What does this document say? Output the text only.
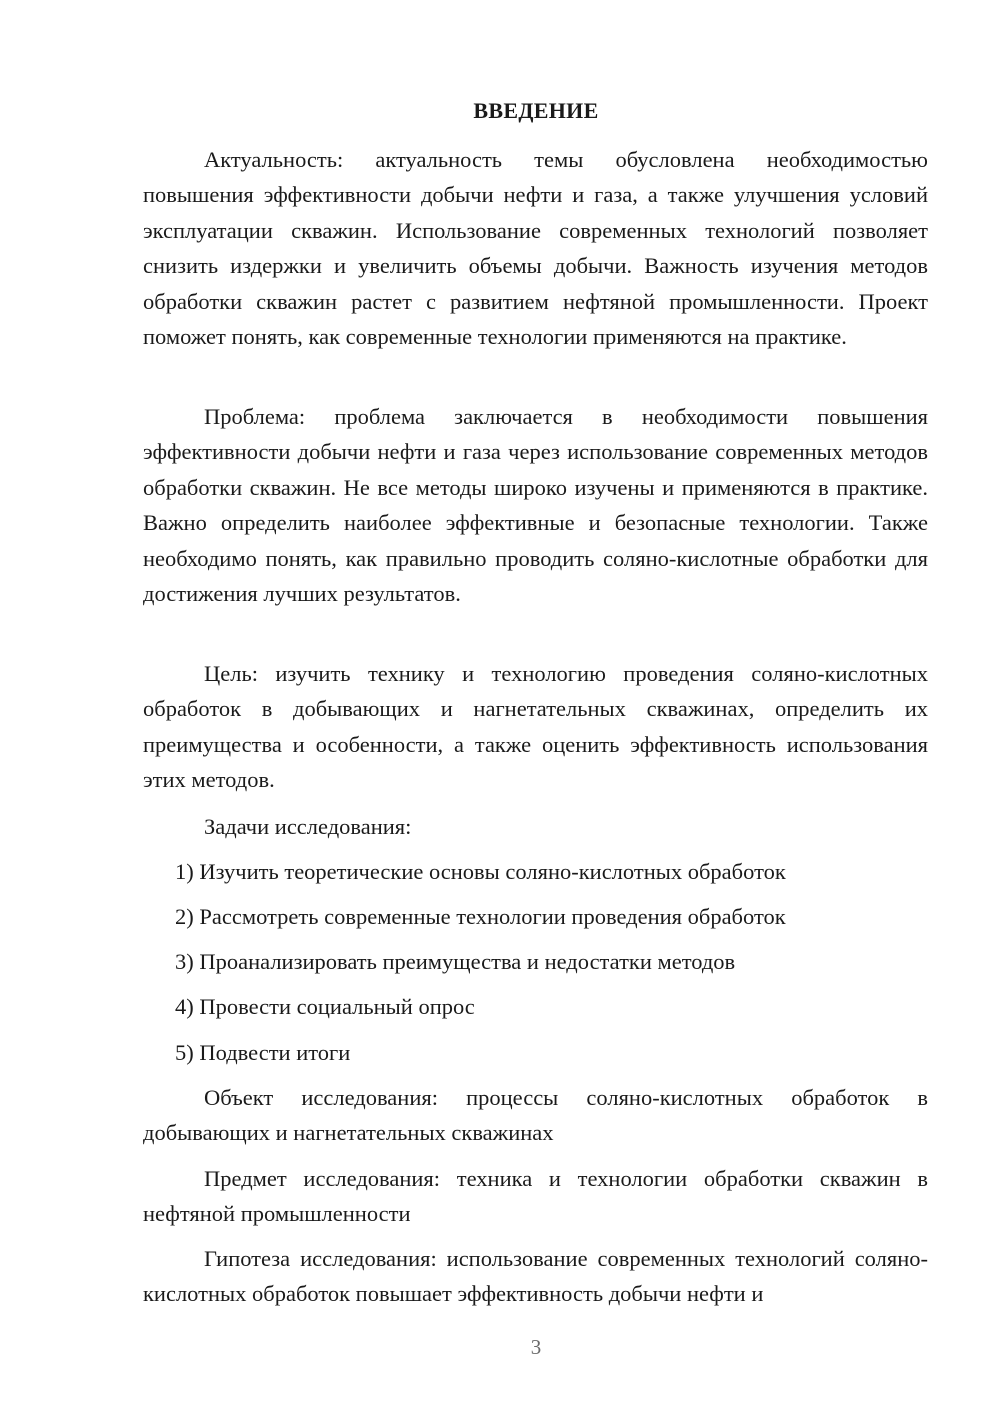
ВВЕДЕНИЕ

Актуальность: актуальность темы обусловлена необходимостью повышения эффективности добычи нефти и газа, а также улучшения условий эксплуатации скважин. Использование современных технологий позволяет снизить издержки и увеличить объемы добычи. Важность изучения методов обработки скважин растет с развитием нефтяной промышленности. Проект поможет понять, как современные технологии применяются на практике.

Проблема: проблема заключается в необходимости повышения эффективности добычи нефти и газа через использование современных методов обработки скважин. Не все методы широко изучены и применяются в практике. Важно определить наиболее эффективные и безопасные технологии. Также необходимо понять, как правильно проводить соляно-кислотные обработки для достижения лучших результатов.

Цель: изучить технику и технологию проведения соляно-кислотных обработок в добывающих и нагнетательных скважинах, определить их преимущества и особенности, а также оценить эффективность использования этих методов.

Задачи исследования:

1) Изучить теоретические основы соляно-кислотных обработок

2) Рассмотреть современные технологии проведения обработок

3) Проанализировать преимущества и недостатки методов

4) Провести социальный опрос

5) Подвести итоги

Объект исследования: процессы соляно-кислотных обработок в добывающих и нагнетательных скважинах

Предмет исследования: техника и технологии обработки скважин в нефтяной промышленности

Гипотеза исследования: использование современных технологий соляно-кислотных обработок повышает эффективность добычи нефти и

3
